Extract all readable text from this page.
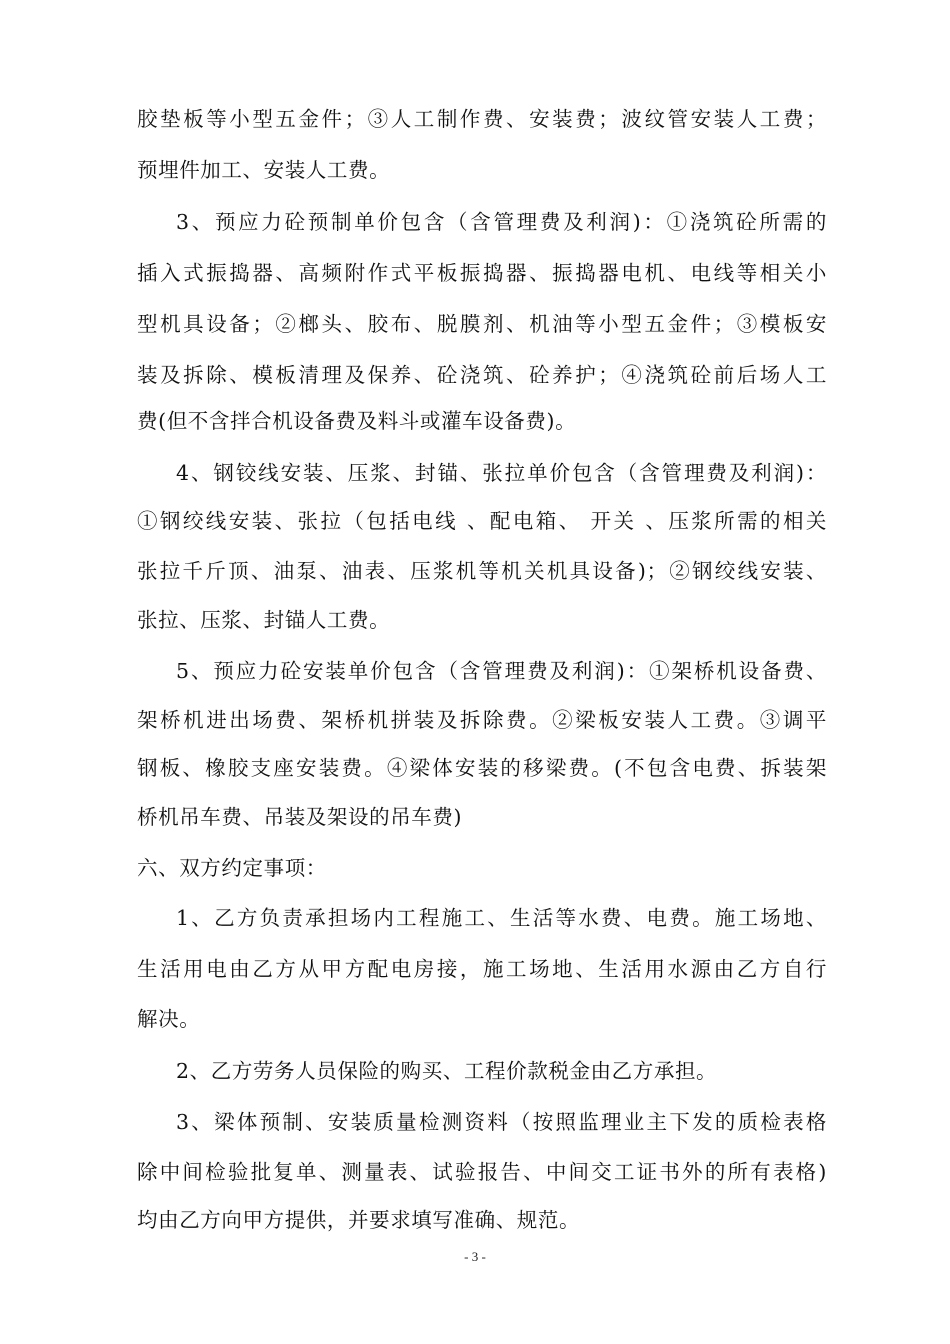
胶垫板等小型五金件；③人工制作费、安装费；波纹管安装人工费；
预埋件加工、安装人工费。
3、预应力砼预制单价包含（含管理费及利润)：①浇筑砼所需的
插入式振捣器、高频附作式平板振捣器、振捣器电机、电线等相关小
型机具设备；②榔头、胶布、脱膜剂、机油等小型五金件；③模板安
装及拆除、模板清理及保养、砼浇筑、砼养护；④浇筑砼前后场人工
费(但不含拌合机设备费及料斗或灌车设备费)。
4、钢铰线安装、压浆、封锚、张拉单价包含（含管理费及利润)：
①钢绞线安装、张拉（包括电线 、配电箱、 开关 、压浆所需的相关
张拉千斤顶、油泵、油表、压浆机等机关机具设备)；②钢绞线安装、
张拉、压浆、封锚人工费。
5、预应力砼安装单价包含（含管理费及利润)：①架桥机设备费、
架桥机进出场费、架桥机拼装及拆除费。②梁板安装人工费。③调平
钢板、橡胶支座安装费。④梁体安装的移梁费。(不包含电费、拆装架
桥机吊车费、吊装及架设的吊车费)
六、双方约定事项：
1、乙方负责承担场内工程施工、生活等水费、电费。施工场地、
生活用电由乙方从甲方配电房接，施工场地、生活用水源由乙方自行
解决。
2、乙方劳务人员保险的购买、工程价款税金由乙方承担。
3、梁体预制、安装质量检测资料（按照监理业主下发的质检表格
除中间检验批复单、测量表、试验报告、中间交工证书外的所有表格)
均由乙方向甲方提供，并要求填写准确、规范。
- 3 -
